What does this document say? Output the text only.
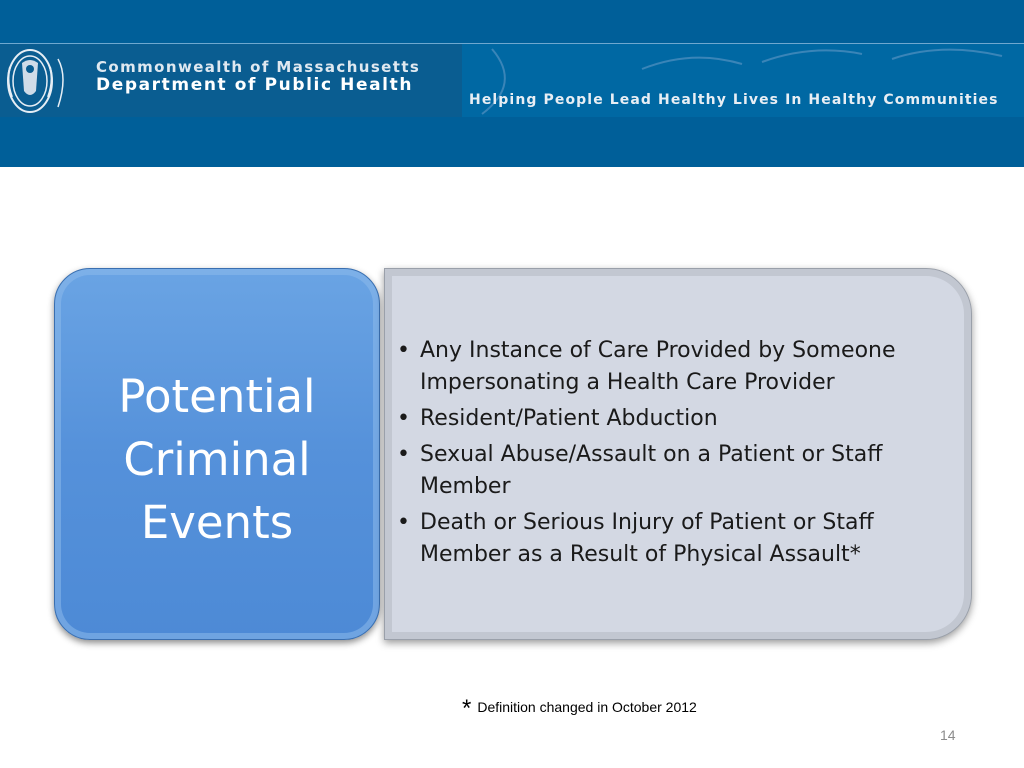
Commonwealth of Massachusetts
Department of Public Health
Helping People Lead Healthy Lives In Healthy Communities
Potential Criminal Events
• Any Instance of Care Provided by Someone Impersonating a Health Care Provider
• Resident/Patient Abduction
• Sexual Abuse/Assault on a Patient or Staff Member
• Death or Serious Injury of Patient or Staff Member as a Result of Physical Assault*
* Definition changed in October 2012
14
